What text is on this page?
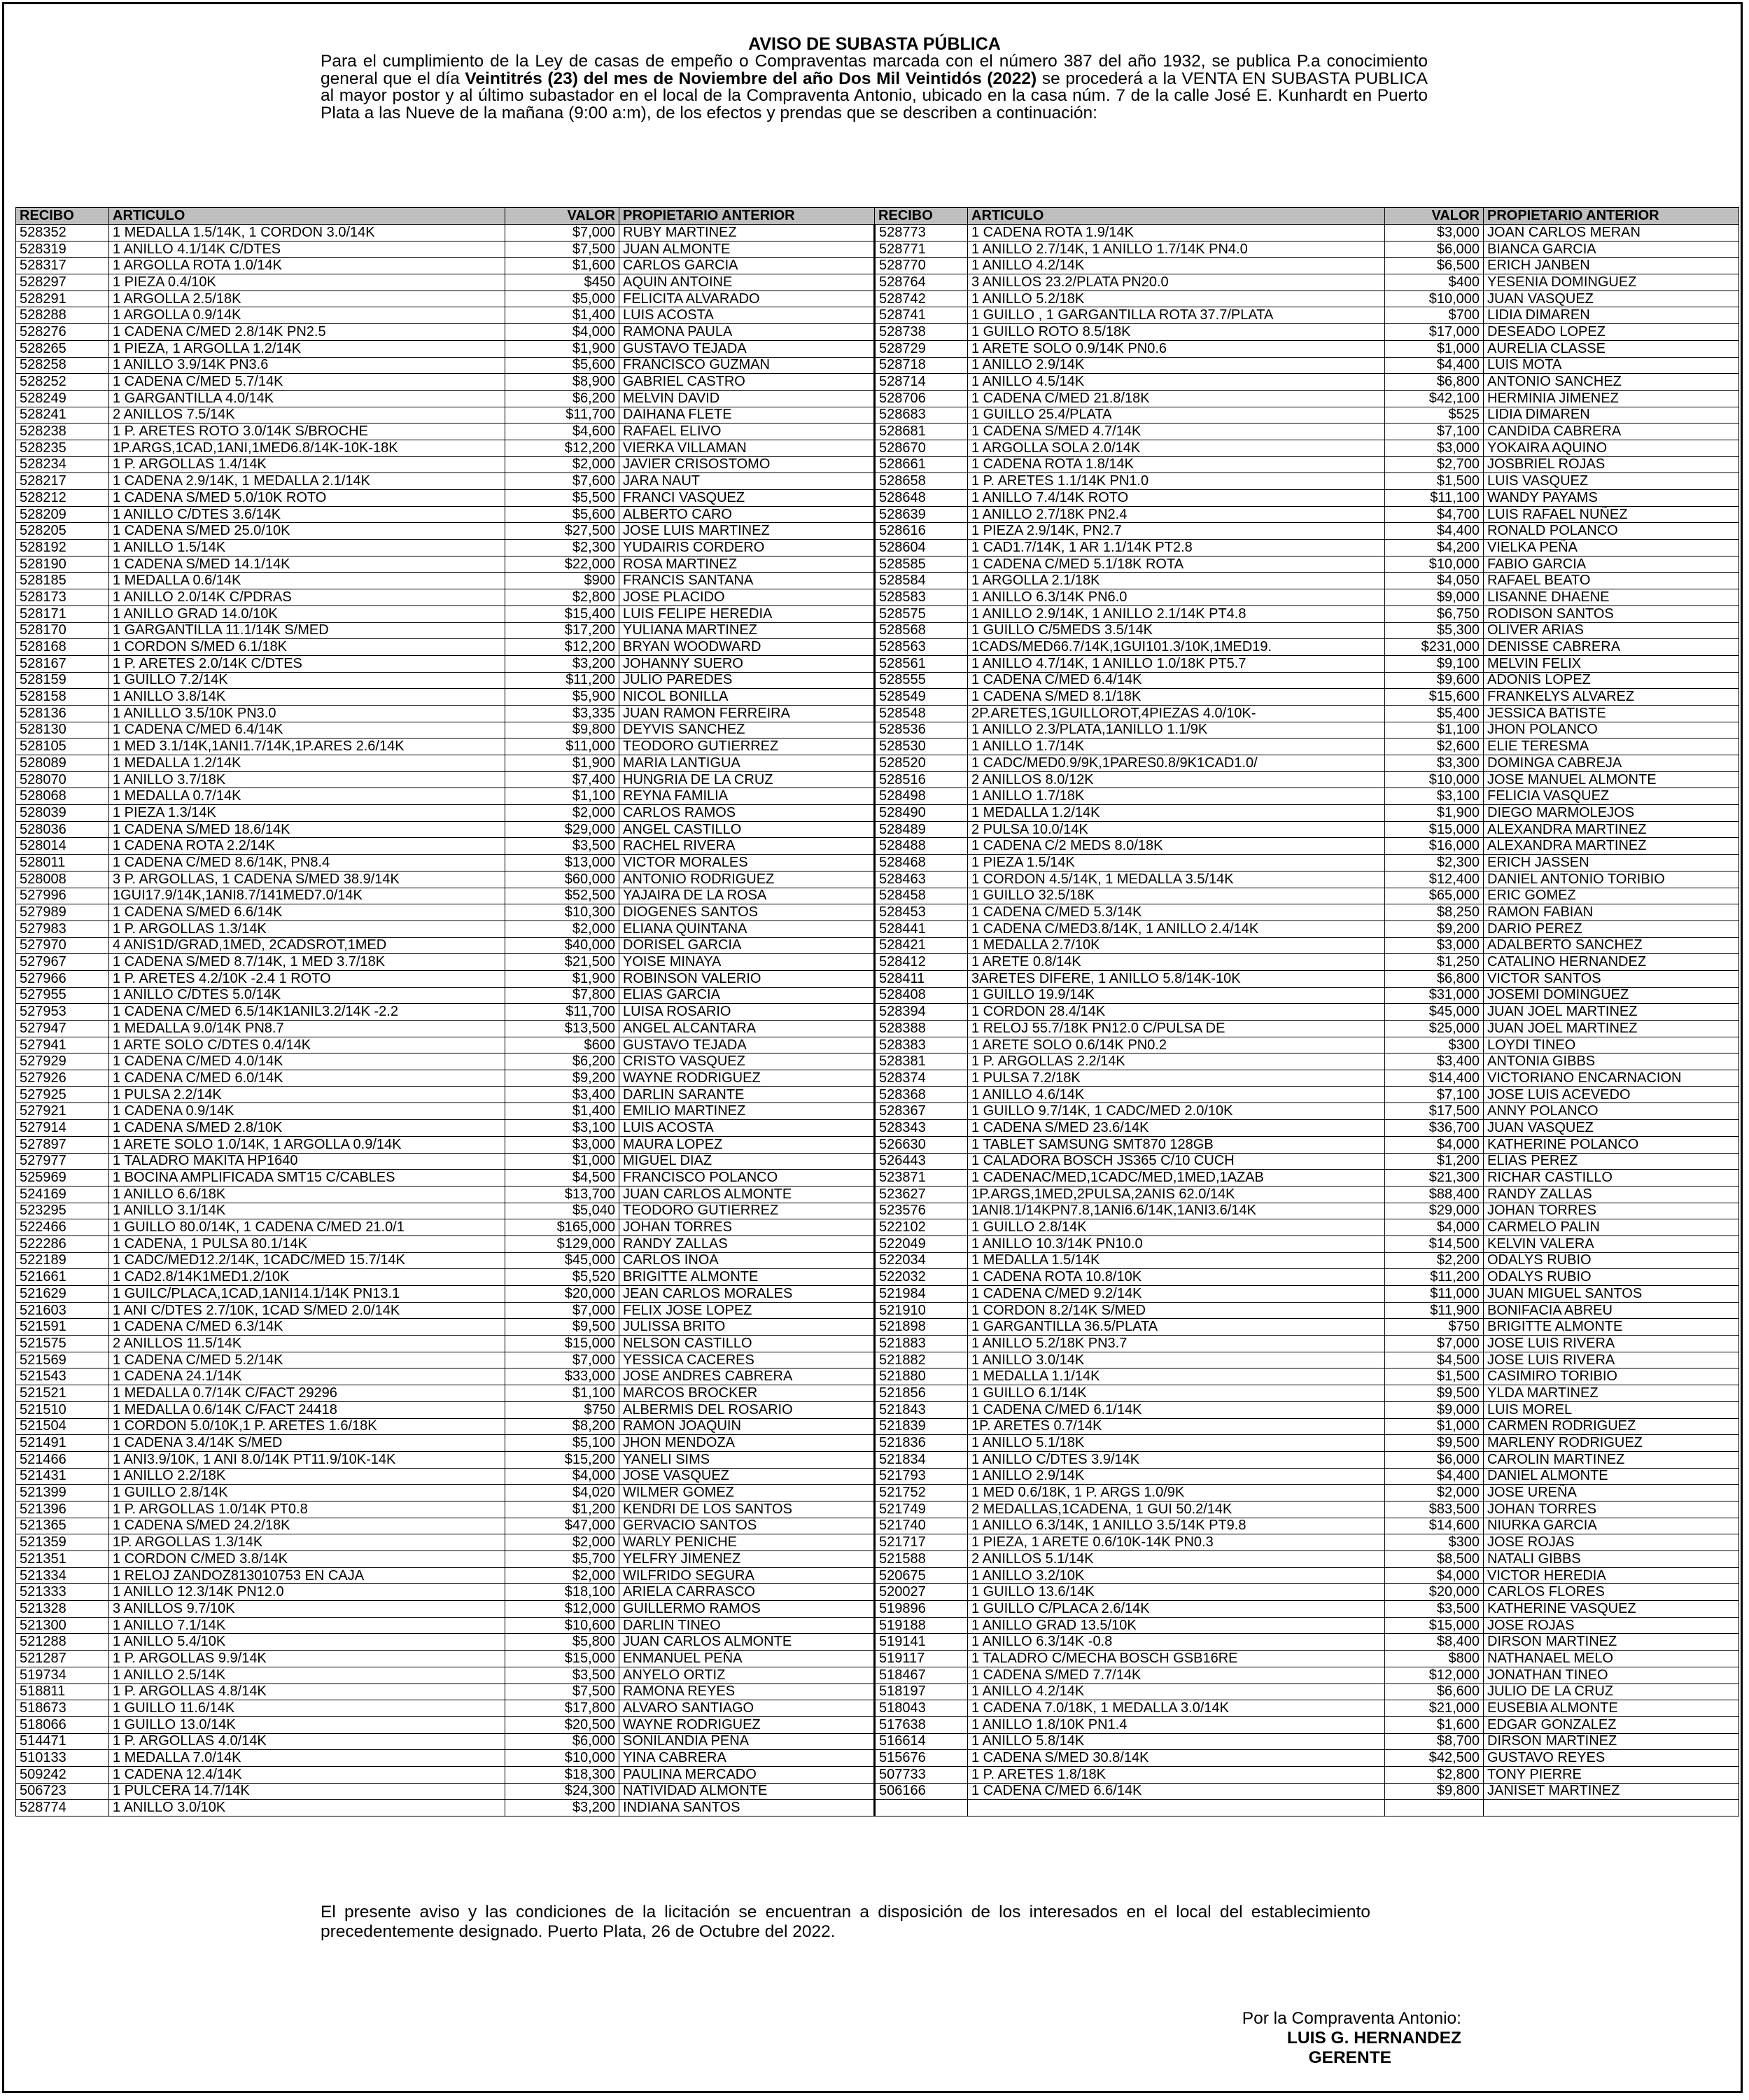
AVISO DE SUBASTA PÚBLICA
Para el cumplimiento de la Ley de casas de empeño o Compraventas marcada con el número 387 del año 1932, se publica P.a conocimiento general que el día Veintitrés (23) del mes de Noviembre del año Dos Mil Veintidós (2022) se procederá a la VENTA EN SUBASTA PUBLICA al mayor postor y al último subastador en el local de la Compraventa Antonio, ubicado en la casa núm. 7 de la calle José E. Kunhardt en Puerto Plata a las Nueve de la mañana (9:00 a:m), de los efectos y prendas que se describen a continuación:
RECIBO	ARTICULO	VALOR	PROPIETARIO ANTERIOR	RECIBO	ARTICULO	VALOR	PROPIETARIO ANTERIOR
528352	1 MEDALLA 1.5/14K, 1 CORDON 3.0/14K	$7,000	RUBY MARTINEZ	528773	1 CADENA ROTA 1.9/14K	$3,000	JOAN CARLOS MERAN
528319	1 ANILLO 4.1/14K C/DTES	$7,500	JUAN ALMONTE	528771	1 ANILLO 2.7/14K, 1 ANILLO 1.7/14K PN4.0	$6,000	BIANCA GARCIA
528317	1 ARGOLLA ROTA 1.0/14K	$1,600	CARLOS GARCIA	528770	1 ANILLO 4.2/14K	$6,500	ERICH JANBEN
528297	1 PIEZA 0.4/10K	$450	AQUIN ANTOINE	528764	3 ANILLOS 23.2/PLATA PN20.0	$400	YESENIA DOMINGUEZ
528291	1 ARGOLLA 2.5/18K	$5,000	FELICITA ALVARADO	528742	1 ANILLO 5.2/18K	$10,000	JUAN VASQUEZ
528288	1 ARGOLLA 0.9/14K	$1,400	LUIS ACOSTA	528741	1 GUILLO , 1 GARGANTILLA ROTA 37.7/PLATA	$700	LIDIA DIMAREN
528276	1 CADENA C/MED 2.8/14K PN2.5	$4,000	RAMONA PAULA	528738	1 GUILLO ROTO 8.5/18K	$17,000	DESEADO LOPEZ
528265	1 PIEZA, 1 ARGOLLA 1.2/14K	$1,900	GUSTAVO TEJADA	528729	1 ARETE SOLO 0.9/14K PN0.6	$1,000	AURELIA CLASSE
528258	1 ANILLO 3.9/14K PN3.6	$5,600	FRANCISCO GUZMAN	528718	1 ANILLO 2.9/14K	$4,400	LUIS MOTA
528252	1 CADENA C/MED 5.7/14K	$8,900	GABRIEL CASTRO	528714	1 ANILLO 4.5/14K	$6,800	ANTONIO SANCHEZ
528249	1 GARGANTILLA 4.0/14K	$6,200	MELVIN DAVID	528706	1 CADENA C/MED 21.8/18K	$42,100	HERMINIA JIMENEZ
528241	2 ANILLOS 7.5/14K	$11,700	DAIHANA FLETE	528683	1 GUILLO 25.4/PLATA	$525	LIDIA DIMAREN
528238	1 P. ARETES ROTO 3.0/14K S/BROCHE	$4,600	RAFAEL ELIVO	528681	1 CADENA S/MED 4.7/14K	$7,100	CANDIDA CABRERA
528235	1P.ARGS,1CAD,1ANI,1MED6.8/14K-10K-18K	$12,200	VIERKA VILLAMAN	528670	1 ARGOLLA SOLA 2.0/14K	$3,000	YOKAIRA AQUINO
528234	1 P. ARGOLLAS 1.4/14K	$2,000	JAVIER CRISOSTOMO	528661	1 CADENA ROTA 1.8/14K	$2,700	JOSBRIEL ROJAS
528217	1 CADENA 2.9/14K, 1 MEDALLA 2.1/14K	$7,600	JARA NAUT	528658	1 P. ARETES 1.1/14K PN1.0	$1,500	LUIS VASQUEZ
528212	1 CADENA S/MED 5.0/10K ROTO	$5,500	FRANCI VASQUEZ	528648	1 ANILLO 7.4/14K ROTO	$11,100	WANDY PAYAMS
528209	1 ANILLO C/DTES 3.6/14K	$5,600	ALBERTO CARO	528639	1 ANILLO 2.7/18K PN2.4	$4,700	LUIS RAFAEL NUÑEZ
528205	1 CADENA S/MED 25.0/10K	$27,500	JOSE LUIS MARTINEZ	528616	1 PIEZA 2.9/14K, PN2.7	$4,400	RONALD POLANCO
528192	1 ANILLO 1.5/14K	$2,300	YUDAIRIS CORDERO	528604	1 CAD1.7/14K, 1 AR 1.1/14K PT2.8	$4,200	VIELKA PEÑA
528190	1 CADENA S/MED 14.1/14K	$22,000	ROSA MARTINEZ	528585	1 CADENA C/MED 5.1/18K ROTA	$10,000	FABIO GARCIA
528185	1 MEDALLA 0.6/14K	$900	FRANCIS SANTANA	528584	1 ARGOLLA 2.1/18K	$4,050	RAFAEL BEATO
528173	1 ANILLO 2.0/14K C/PDRAS	$2,800	JOSE PLACIDO	528583	1 ANILLO 6.3/14K PN6.0	$9,000	LISANNE DHAENE
528171	1 ANILLO GRAD 14.0/10K	$15,400	LUIS FELIPE HEREDIA	528575	1 ANILLO 2.9/14K, 1 ANILLO 2.1/14K PT4.8	$6,750	RODISON SANTOS
528170	1 GARGANTILLA 11.1/14K S/MED	$17,200	YULIANA MARTINEZ	528568	1 GUILLO C/5MEDS 3.5/14K	$5,300	OLIVER ARIAS
528168	1 CORDON S/MED 6.1/18K	$12,200	BRYAN WOODWARD	528563	1CADS/MED66.7/14K,1GUI101.3/10K,1MED19.	$231,000	DENISSE CABRERA
528167	1 P. ARETES 2.0/14K C/DTES	$3,200	JOHANNY SUERO	528561	1 ANILLO 4.7/14K, 1 ANILLO 1.0/18K PT5.7	$9,100	MELVIN FELIX
528159	1 GUILLO 7.2/14K	$11,200	JULIO PAREDES	528555	1 CADENA C/MED 6.4/14K	$9,600	ADONIS LOPEZ
528158	1 ANILLO 3.8/14K	$5,900	NICOL BONILLA	528549	1 CADENA S/MED 8.1/18K	$15,600	FRANKELYS ALVAREZ
528136	1 ANILLLO 3.5/10K PN3.0	$3,335	JUAN RAMON FERREIRA	528548	2P.ARETES,1GUILLOROT,4PIEZAS 4.0/10K-	$5,400	JESSICA BATISTE
528130	1 CADENA C/MED 6.4/14K	$9,800	DEYVIS SANCHEZ	528536	1 ANILLO 2.3/PLATA,1ANILLO 1.1/9K	$1,100	JHON POLANCO
528105	1 MED 3.1/14K,1ANI1.7/14K,1P.ARES 2.6/14K	$11,000	TEODORO GUTIERREZ	528530	1 ANILLO 1.7/14K	$2,600	ELIE TERESMA
528089	1 MEDALLA 1.2/14K	$1,900	MARIA LANTIGUA	528520	1 CADC/MED0.9/9K,1PARES0.8/9K1CAD1.0/	$3,300	DOMINGA CABREJA
528070	1 ANILLO 3.7/18K	$7,400	HUNGRIA DE LA CRUZ	528516	2 ANILLOS 8.0/12K	$10,000	JOSE MANUEL ALMONTE
528068	1 MEDALLA 0.7/14K	$1,100	REYNA FAMILIA	528498	1 ANILLO 1.7/18K	$3,100	FELICIA VASQUEZ
528039	1 PIEZA 1.3/14K	$2,000	CARLOS RAMOS	528490	1 MEDALLA 1.2/14K	$1,900	DIEGO MARMOLEJOS
528036	1 CADENA S/MED 18.6/14K	$29,000	ANGEL CASTILLO	528489	2 PULSA 10.0/14K	$15,000	ALEXANDRA MARTINEZ
528014	1 CADENA ROTA 2.2/14K	$3,500	RACHEL RIVERA	528488	1 CADENA C/2 MEDS 8.0/18K	$16,000	ALEXANDRA MARTINEZ
528011	1 CADENA C/MED 8.6/14K, PN8.4	$13,000	VICTOR MORALES	528468	1 PIEZA 1.5/14K	$2,300	ERICH JASSEN
528008	3 P. ARGOLLAS, 1 CADENA S/MED 38.9/14K	$60,000	ANTONIO RODRIGUEZ	528463	1 CORDON 4.5/14K, 1 MEDALLA 3.5/14K	$12,400	DANIEL ANTONIO TORIBIO
527996	1GUI17.9/14K,1ANI8.7/141MED7.0/14K	$52,500	YAJAIRA DE LA ROSA	528458	1 GUILLO 32.5/18K	$65,000	ERIC GOMEZ
527989	1 CADENA S/MED 6.6/14K	$10,300	DIOGENES SANTOS	528453	1 CADENA C/MED 5.3/14K	$8,250	RAMON FABIAN
527983	1 P. ARGOLLAS 1.3/14K	$2,000	ELIANA QUINTANA	528441	1 CADENA C/MED3.8/14K, 1 ANILLO 2.4/14K	$9,200	DARIO PEREZ
527970	4 ANIS1D/GRAD,1MED, 2CADSROT,1MED	$40,000	DORISEL GARCIA	528421	1 MEDALLA 2.7/10K	$3,000	ADALBERTO SANCHEZ
527967	1 CADENA S/MED 8.7/14K, 1 MED 3.7/18K	$21,500	YOISE MINAYA	528412	1 ARETE 0.8/14K	$1,250	CATALINO HERNANDEZ
527966	1 P. ARETES 4.2/10K -2.4 1 ROTO	$1,900	ROBINSON VALERIO	528411	3ARETES DIFERE, 1 ANILLO 5.8/14K-10K	$6,800	VICTOR SANTOS
527955	1 ANILLO C/DTES 5.0/14K	$7,800	ELIAS GARCIA	528408	1 GUILLO 19.9/14K	$31,000	JOSEMI DOMINGUEZ
527953	1 CADENA C/MED 6.5/14K1ANIL3.2/14K -2.2	$11,700	LUISA ROSARIO	528394	1 CORDON 28.4/14K	$45,000	JUAN JOEL MARTINEZ
527947	1 MEDALLA 9.0/14K PN8.7	$13,500	ANGEL ALCANTARA	528388	1 RELOJ 55.7/18K PN12.0 C/PULSA DE	$25,000	JUAN JOEL MARTINEZ
527941	1 ARTE SOLO C/DTES 0.4/14K	$600	GUSTAVO TEJADA	528383	1 ARETE SOLO 0.6/14K PN0.2	$300	LOYDI TINEO
527929	1 CADENA C/MED 4.0/14K	$6,200	CRISTO VASQUEZ	528381	1 P. ARGOLLAS 2.2/14K	$3,400	ANTONIA GIBBS
527926	1 CADENA C/MED 6.0/14K	$9,200	WAYNE RODRIGUEZ	528374	1 PULSA 7.2/18K	$14,400	VICTORIANO ENCARNACION
527925	1 PULSA 2.2/14K	$3,400	DARLIN SARANTE	528368	1 ANILLO 4.6/14K	$7,100	JOSE LUIS ACEVEDO
527921	1 CADENA 0.9/14K	$1,400	EMILIO MARTINEZ	528367	1 GUILLO 9.7/14K, 1 CADC/MED 2.0/10K	$17,500	ANNY POLANCO
527914	1 CADENA S/MED 2.8/10K	$3,100	LUIS ACOSTA	528343	1 CADENA S/MED 23.6/14K	$36,700	JUAN VASQUEZ
527897	1 ARETE SOLO 1.0/14K, 1 ARGOLLA 0.9/14K	$3,000	MAURA LOPEZ	526630	1 TABLET SAMSUNG SMT870 128GB	$4,000	KATHERINE POLANCO
527977	1 TALADRO MAKITA HP1640	$1,000	MIGUEL DIAZ	526443	1 CALADORA BOSCH JS365 C/10 CUCH	$1,200	ELIAS PEREZ
525969	1 BOCINA AMPLIFICADA SMT15 C/CABLES	$4,500	FRANCISCO POLANCO	523871	1 CADENAC/MED,1CADC/MED,1MED,1AZAB	$21,300	RICHAR CASTILLO
524169	1 ANILLO 6.6/18K	$13,700	JUAN CARLOS ALMONTE	523627	1P.ARGS,1MED,2PULSA,2ANIS 62.0/14K	$88,400	RANDY ZALLAS
523295	1 ANILLO 3.1/14K	$5,040	TEODORO GUTIERREZ	523576	1ANI8.1/14KPN7.8,1ANI6.6/14K,1ANI3.6/14K	$29,000	JOHAN TORRES
522466	1 GUILLO 80.0/14K, 1 CADENA C/MED 21.0/1	$165,000	JOHAN TORRES	522102	1 GUILLO 2.8/14K	$4,000	CARMELO PALIN
522286	1 CADENA, 1 PULSA 80.1/14K	$129,000	RANDY ZALLAS	522049	1 ANILLO 10.3/14K PN10.0	$14,500	KELVIN VALERA
522189	1 CADC/MED12.2/14K, 1CADC/MED 15.7/14K	$45,000	CARLOS INOA	522034	1 MEDALLA 1.5/14K	$2,200	ODALYS RUBIO
521661	1 CAD2.8/14K1MED1.2/10K	$5,520	BRIGITTE ALMONTE	522032	1 CADENA ROTA 10.8/10K	$11,200	ODALYS RUBIO
521629	1 GUILC/PLACA,1CAD,1ANI14.1/14K PN13.1	$20,000	JEAN CARLOS MORALES	521984	1 CADENA C/MED 9.2/14K	$11,000	JUAN MIGUEL SANTOS
521603	1 ANI C/DTES 2.7/10K, 1CAD S/MED 2.0/14K	$7,000	FELIX JOSE LOPEZ	521910	1 CORDON 8.2/14K S/MED	$11,900	BONIFACIA ABREU
521591	1 CADENA C/MED 6.3/14K	$9,500	JULISSA BRITO	521898	1 GARGANTILLA 36.5/PLATA	$750	BRIGITTE ALMONTE
521575	2 ANILLOS 11.5/14K	$15,000	NELSON CASTILLO	521883	1 ANILLO 5.2/18K PN3.7	$7,000	JOSE LUIS RIVERA
521569	1 CADENA C/MED 5.2/14K	$7,000	YESSICA CACERES	521882	1 ANILLO 3.0/14K	$4,500	JOSE LUIS RIVERA
521543	1 CADENA 24.1/14K	$33,000	JOSE ANDRES CABRERA	521880	1 MEDALLA 1.1/14K	$1,500	CASIMIRO TORIBIO
521521	1 MEDALLA 0.7/14K C/FACT 29296	$1,100	MARCOS BROCKER	521856	1 GUILLO 6.1/14K	$9,500	YLDA MARTINEZ
521510	1 MEDALLA 0.6/14K C/FACT 24418	$750	ALBERMIS DEL ROSARIO	521843	1 CADENA C/MED 6.1/14K	$9,000	LUIS MOREL
521504	1 CORDON 5.0/10K,1 P. ARETES 1.6/18K	$8,200	RAMON JOAQUIN	521839	1P. ARETES 0.7/14K	$1,000	CARMEN RODRIGUEZ
521491	1 CADENA 3.4/14K S/MED	$5,100	JHON MENDOZA	521836	1 ANILLO 5.1/18K	$9,500	MARLENY RODRIGUEZ
521466	1 ANI3.9/10K, 1 ANI 8.0/14K PT11.9/10K-14K	$15,200	YANELI SIMS	521834	1 ANILLO C/DTES 3.9/14K	$6,000	CAROLIN MARTINEZ
521431	1 ANILLO 2.2/18K	$4,000	JOSE VASQUEZ	521793	1 ANILLO 2.9/14K	$4,400	DANIEL ALMONTE
521399	1 GUILLO 2.8/14K	$4,020	WILMER GOMEZ	521752	1 MED 0.6/18K, 1 P. ARGS 1.0/9K	$2,000	JOSE UREÑA
521396	1 P. ARGOLLAS 1.0/14K PT0.8	$1,200	KENDRI DE LOS SANTOS	521749	2 MEDALLAS,1CADENA, 1 GUI 50.2/14K	$83,500	JOHAN TORRES
521365	1 CADENA S/MED 24.2/18K	$47,000	GERVACIO SANTOS	521740	1 ANILLO 6.3/14K, 1 ANILLO 3.5/14K PT9.8	$14,600	NIURKA GARCIA
521359	1P. ARGOLLAS 1.3/14K	$2,000	WARLY PENICHE	521717	1 PIEZA, 1 ARETE 0.6/10K-14K PN0.3	$300	JOSE ROJAS
521351	1 CORDON C/MED 3.8/14K	$5,700	YELFRY JIMENEZ	521588	2 ANILLOS 5.1/14K	$8,500	NATALI GIBBS
521334	1 RELOJ ZANDOZ813010753 EN CAJA	$2,000	WILFRIDO SEGURA	520675	1 ANILLO 3.2/10K	$4,000	VICTOR HEREDIA
521333	1 ANILLO 12.3/14K PN12.0	$18,100	ARIELA CARRASCO	520027	1 GUILLO 13.6/14K	$20,000	CARLOS FLORES
521328	3 ANILLOS 9.7/10K	$12,000	GUILLERMO RAMOS	519896	1 GUILLO C/PLACA 2.6/14K	$3,500	KATHERINE VASQUEZ
521300	1 ANILLO 7.1/14K	$10,600	DARLIN TINEO	519188	1 ANILLO GRAD 13.5/10K	$15,000	JOSE ROJAS
521288	1 ANILLO 5.4/10K	$5,800	JUAN CARLOS ALMONTE	519141	1 ANILLO 6.3/14K -0.8	$8,400	DIRSON MARTINEZ
521287	1 P. ARGOLLAS 9.9/14K	$15,000	ENMANUEL PEÑA	519117	1 TALADRO C/MECHA BOSCH GSB16RE	$800	NATHANAEL MELO
519734	1 ANILLO 2.5/14K	$3,500	ANYELO ORTIZ	518467	1 CADENA S/MED 7.7/14K	$12,000	JONATHAN TINEO
518811	1 P. ARGOLLAS 4.8/14K	$7,500	RAMONA REYES	518197	1 ANILLO 4.2/14K	$6,600	JULIO DE LA CRUZ
518673	1 GUILLO 11.6/14K	$17,800	ALVARO SANTIAGO	518043	1 CADENA 7.0/18K, 1 MEDALLA 3.0/14K	$21,000	EUSEBIA ALMONTE
518066	1 GUILLO 13.0/14K	$20,500	WAYNE RODRIGUEZ	517638	1 ANILLO 1.8/10K PN1.4	$1,600	EDGAR GONZALEZ
514471	1 P. ARGOLLAS 4.0/14K	$6,000	SONILANDIA PEÑA	516614	1 ANILLO 5.8/14K	$8,700	DIRSON MARTINEZ
510133	1 MEDALLA 7.0/14K	$10,000	YINA CABRERA	515676	1 CADENA S/MED 30.8/14K	$42,500	GUSTAVO REYES
509242	1 CADENA 12.4/14K	$18,300	PAULINA MERCADO	507733	1 P. ARETES 1.8/18K	$2,800	TONY PIERRE
506723	1 PULCERA 14.7/14K	$24,300	NATIVIDAD ALMONTE	506166	1 CADENA C/MED 6.6/14K	$9,800	JANISET MARTINEZ
528774	1 ANILLO 3.0/10K	$3,200	INDIANA SANTOS				
El presente aviso y las condiciones de la licitación se encuentran a disposición de los interesados en el local del establecimiento precedentemente designado. Puerto Plata, 26 de Octubre del 2022.
Por la Compraventa Antonio:
LUIS G. HERNANDEZ
GERENTE
